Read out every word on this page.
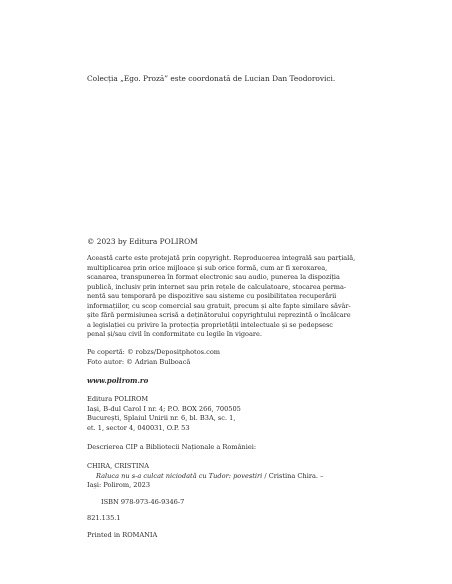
Colecția „Ego. Proză” este coordonată de Lucian Dan Teodorovici.
© 2023 by Editura POLIROM
Această carte este protejată prin copyright. Reproducerea integrală sau parțială,
multiplicarea prin orice mijloace și sub orice formă, cum ar fi xeroxarea,
scanarea, transpunerea în format electronic sau audio, punerea la dispoziția
publică, inclusiv prin internet sau prin rețele de calculatoare, stocarea perma-
nentă sau temporară pe dispozitive sau sisteme cu posibilitatea recuperării
informațiilor, cu scop comercial sau gratuit, precum și alte fapte similare săvâr-
șite fără permisiunea scrisă a deținătorului copyrightului reprezintă o încălcare
a legislației cu privire la protecția proprietății intelectuale și se pedepsesc
penal și/sau civil în conformitate cu legile în vigoare.
Pe copertă: © robzs/Depositphotos.com
Foto autor: © Adrian Bulboacă
www.polirom.ro
Editura POLIROM
Iași, B-dul Carol I nr. 4; P.O. BOX 266, 700505
București, Splaiul Unirii nr. 6, bl. B3A, sc. 1,
et. 1, sector 4, 040031, O.P. 53
Descrierea CIP a Bibliotecii Naționale a României:
CHIRA, CRISTINA
Raluca nu s-a culcat niciodată cu Tudor: povestiri / Cristina Chira. –
Iași: Polirom, 2023
ISBN 978-973-46-9346-7
821.135.1
Printed in ROMANIA
